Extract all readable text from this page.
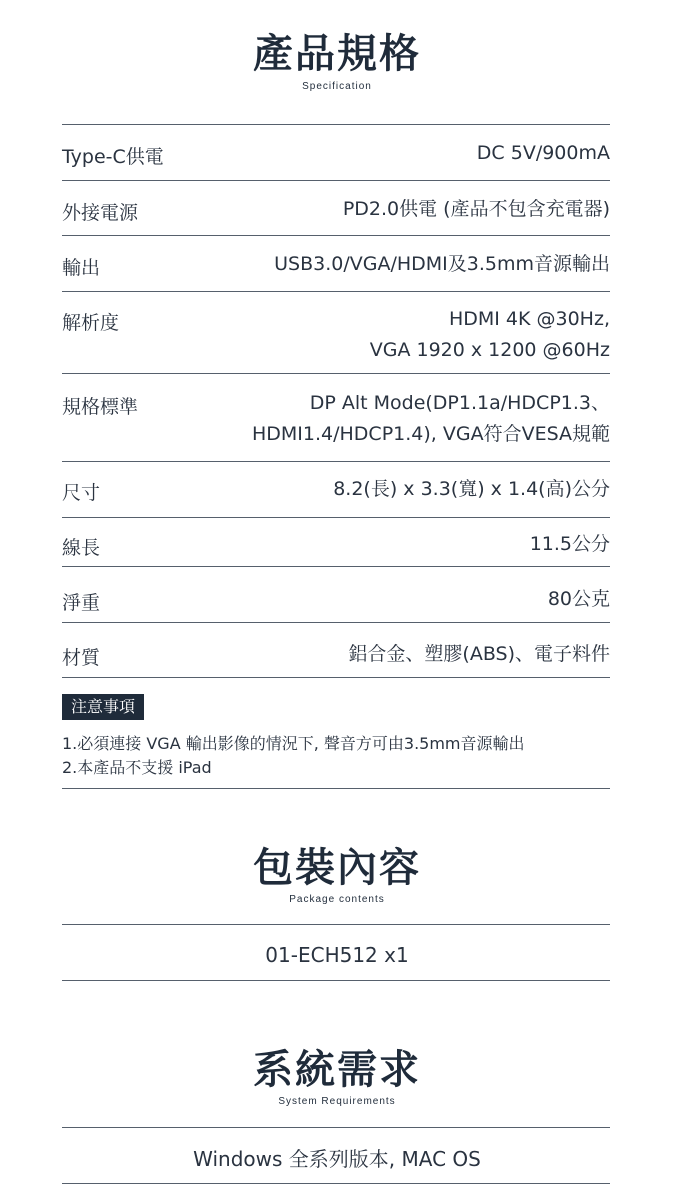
產品規格
Specification
Type-C供電	DC 5V/900mA
外接電源	PD2.0供電 (產品不包含充電器)
輸出	USB3.0/VGA/HDMI及3.5mm音源輸出
解析度	HDMI 4K @30Hz,
VGA 1920 x 1200 @60Hz
規格標準	DP Alt Mode(DP1.1a/HDCP1.3、
HDMI1.4/HDCP1.4), VGA符合VESA規範
尺寸	8.2(長) x 3.3(寬) x 1.4(高)公分
線長	11.5公分
淨重	80公克
材質	鋁合金、塑膠(ABS)、電子料件
注意事項
1.必須連接 VGA 輸出影像的情況下, 聲音方可由3.5mm音源輸出
2.本產品不支援 iPad
包裝內容
Package contents
01-ECH512 x1
系統需求
System Requirements
Windows 全系列版本, MAC OS
